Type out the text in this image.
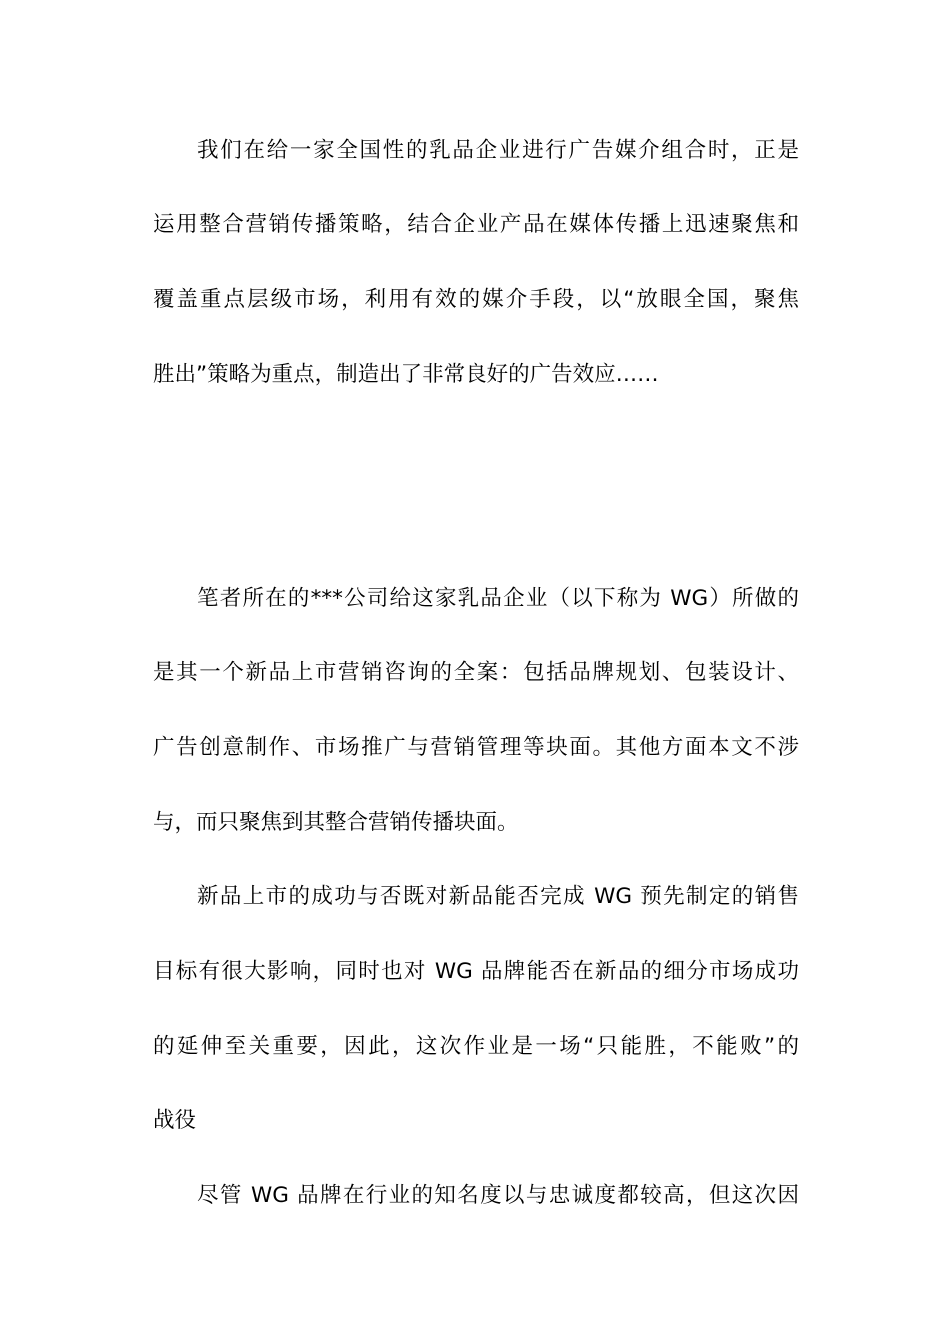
我们在给一家全国性的乳品企业进行广告媒介组合时，正是
运用整合营销传播策略，结合企业产品在媒体传播上迅速聚焦和
覆盖重点层级市场，利用有效的媒介手段，以“放眼全国，聚焦
胜出”策略为重点，制造出了非常良好的广告效应……
笔者所在的***公司给这家乳品企业（以下称为 WG）所做的
是其一个新品上市营销咨询的全案：包括品牌规划、包装设计、
广告创意制作、市场推广与营销管理等块面。其他方面本文不涉
与，而只聚焦到其整合营销传播块面。
新品上市的成功与否既对新品能否完成 WG 预先制定的销售
目标有很大影响，同时也对 WG 品牌能否在新品的细分市场成功
的延伸至关重要，因此，这次作业是一场“只能胜，不能败”的
战役
尽管 WG 品牌在行业的知名度以与忠诚度都较高，但这次因
